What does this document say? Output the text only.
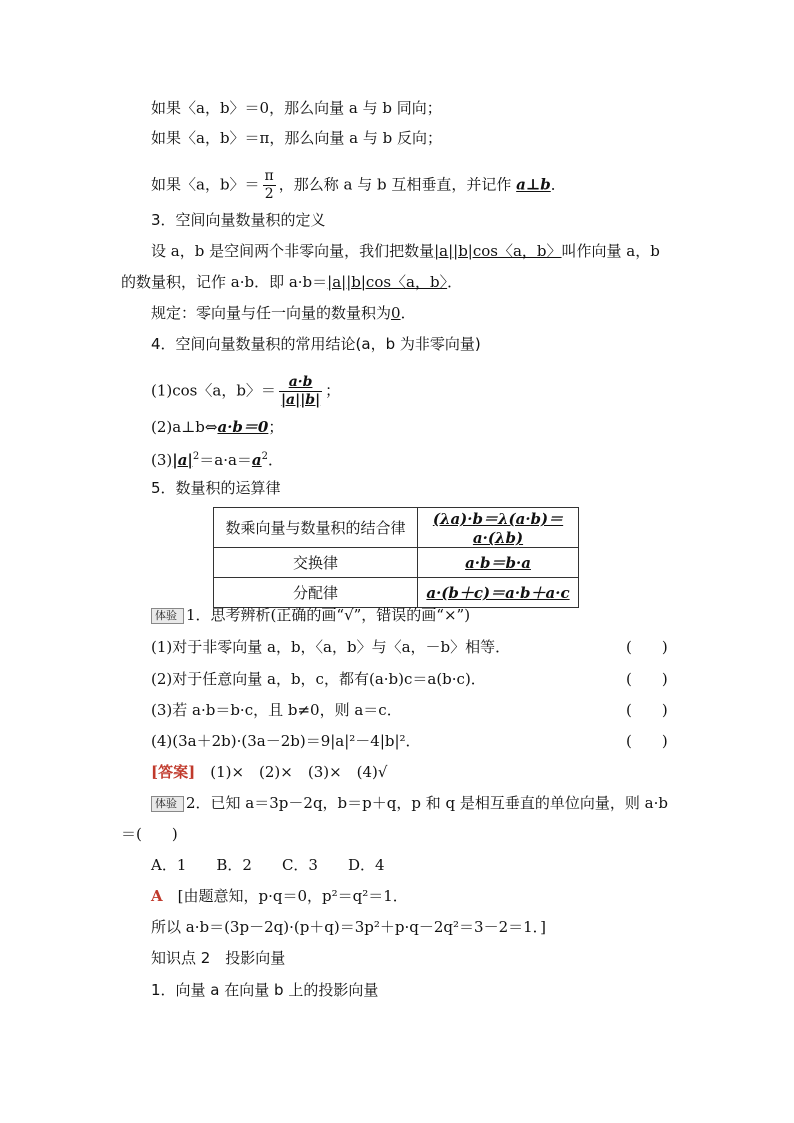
如果〈a，b〉＝0，那么向量 a 与 b 同向；
如果〈a，b〉＝π，那么向量 a 与 b 反向；
如果〈a，b〉＝ $\frac{\pi}{2}$ ，那么称 a 与 b 互相垂直，并记作 a⊥b．
3．空间向量数量积的定义
设 a，b 是空间两个非零向量，我们把数量|a||b|cos〈a，b〉叫作向量 a，b
的数量积，记作 a·b．即 a·b＝|a||b|cos〈a，b〉．
规定：零向量与任一向量的数量积为0．
4．空间向量数量积的常用结论(a，b 为非零向量)
(1)cos〈a，b〉＝ $\frac{a\cdot b}{|a||b|}$ ；
(2)a⊥b⇔a·b＝0；
$(3)|a|^2=a\cdot a=a^2$．
5．数量积的运算律
数乘向量与数量积的结合律	(λa)·b＝λ(a·b)＝a·(λb)
交换律	a·b＝b·a
分配律	a·(b＋c)＝a·b＋a·c
体验 1．思考辨析(正确的画“√”，错误的画“×”)
(1)对于非零向量 a，b，〈a，b〉与〈a，－b〉相等．	(　　)
(2)对于任意向量 a，b，c，都有(a·b)c＝a(b·c)．	(　　)
(3)若 a·b＝b·c，且 b≠0，则 a＝c．	(　　)
(4)(3a＋2b)·(3a－2b)＝9|a|²－4|b|²．	(　　)
[答案]　 (1)×　(2)×　(3)×　(4)√
体验 2．已知 a＝3p－2q，b＝p＋q，p 和 q 是相互垂直的单位向量，则 a·b
＝(　　)
A．1　　B．2　　C．3　　D．4
A　 [由题意知，p·q＝0，p²＝q²＝1．
所以 a·b＝(3p－2q)·(p＋q)＝3p²＋p·q－2q²＝3－2＝1．]
知识点 2　投影向量
1．向量 a 在向量 b 上的投影向量
